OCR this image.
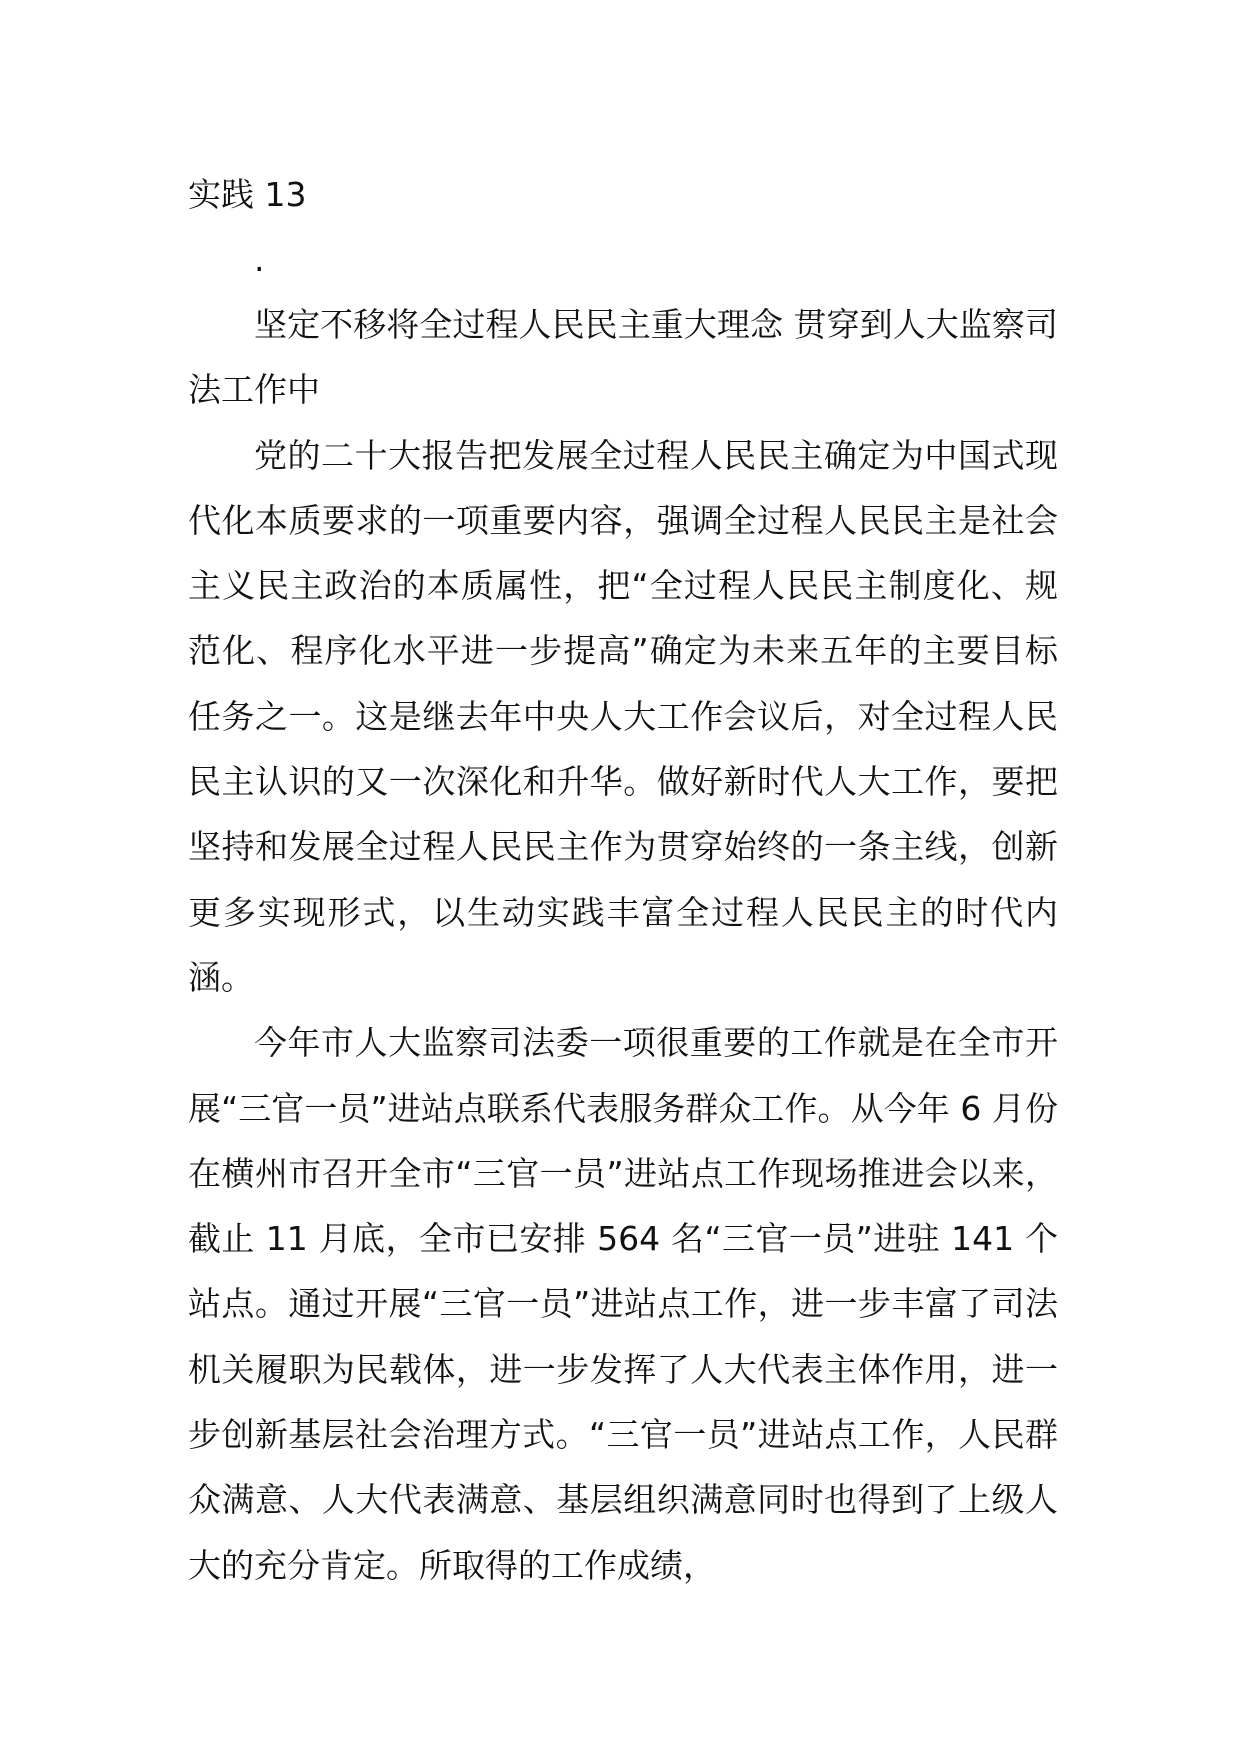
实践 13

.

坚定不移将全过程人民民主重大理念 贯穿到人大监察司法工作中

党的二十大报告把发展全过程人民民主确定为中国式现代化本质要求的一项重要内容，强调全过程人民民主是社会主义民主政治的本质属性，把“全过程人民民主制度化、规范化、程序化水平进一步提高”确定为未来五年的主要目标任务之一。这是继去年中央人大工作会议后，对全过程人民民主认识的又一次深化和升华。做好新时代人大工作，要把坚持和发展全过程人民民主作为贯穿始终的一条主线，创新更多实现形式，以生动实践丰富全过程人民民主的时代内涵。

今年市人大监察司法委一项很重要的工作就是在全市开展“三官一员”进站点联系代表服务群众工作。从今年 6 月份在横州市召开全市“三官一员”进站点工作现场推进会以来，截止 11 月底，全市已安排 564 名“三官一员”进驻 141 个站点。通过开展“三官一员”进站点工作，进一步丰富了司法机关履职为民载体，进一步发挥了人大代表主体作用，进一步创新基层社会治理方式。“三官一员”进站点工作，人民群众满意、人大代表满意、基层组织满意同时也得到了上级人大的充分肯定。所取得的工作成绩，
